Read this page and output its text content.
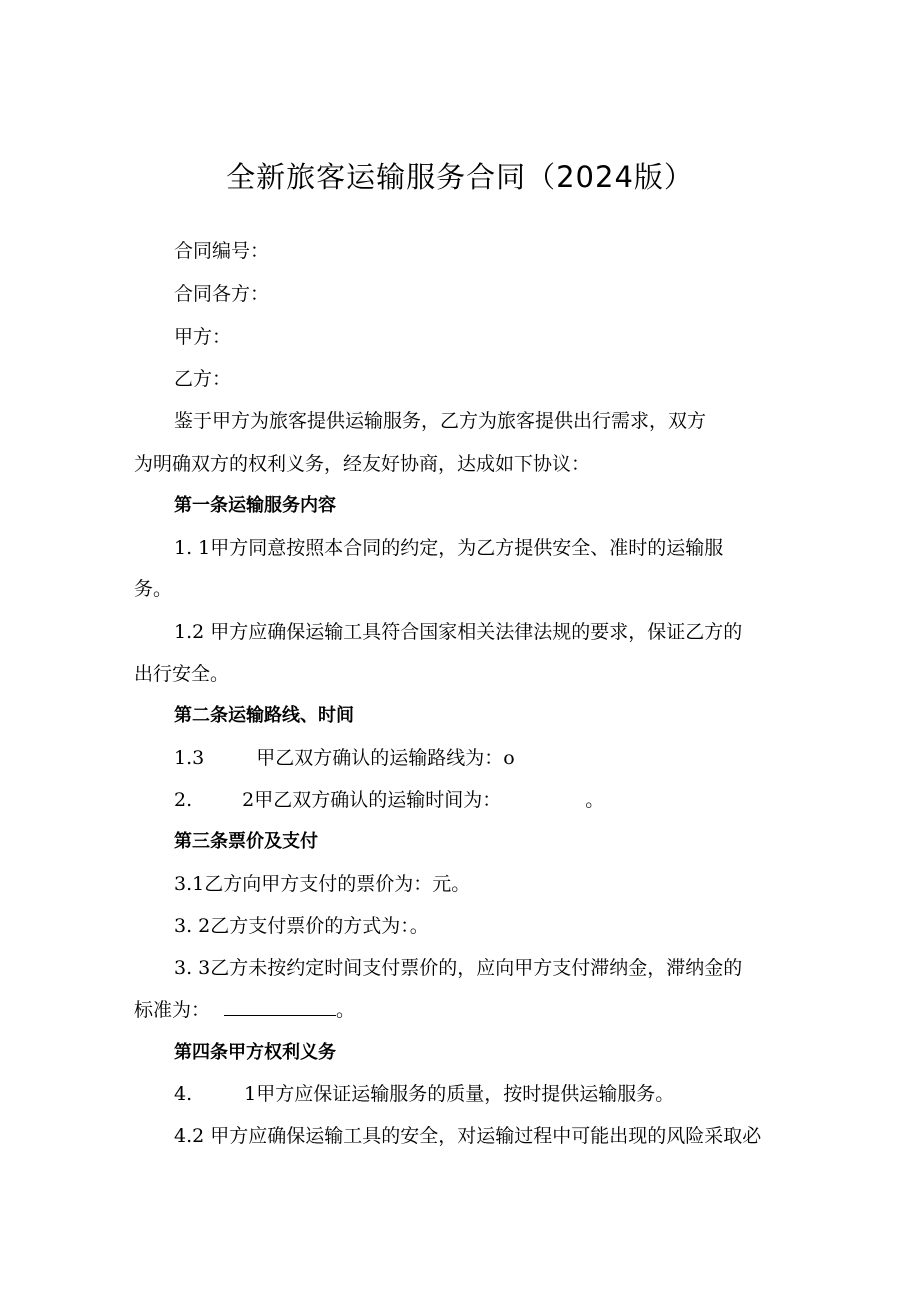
全新旅客运输服务合同（2024版）
合同编号：
合同各方：
甲方：
乙方：
鉴于甲方为旅客提供运输服务，乙方为旅客提供出行需求，双方
为明确双方的权利义务，经友好协商，达成如下协议：
第一条运输服务内容
1. 1甲方同意按照本合同的约定，为乙方提供安全、准时的运输服
务。
1.2 甲方应确保运输工具符合国家相关法律法规的要求，保证乙方的
出行安全。
第二条运输路线、时间
1.3	甲乙双方确认的运输路线为：o
2.	2甲乙双方确认的运输时间为：	。
第三条票价及支付
3.1乙方向甲方支付的票价为：元。
3. 2乙方支付票价的方式为：。
3. 3乙方未按约定时间支付票价的，应向甲方支付滞纳金，滞纳金的
标准为：	。
第四条甲方权利义务
4.	1甲方应保证运输服务的质量，按时提供运输服务。
4.2 甲方应确保运输工具的安全，对运输过程中可能出现的风险采取必
